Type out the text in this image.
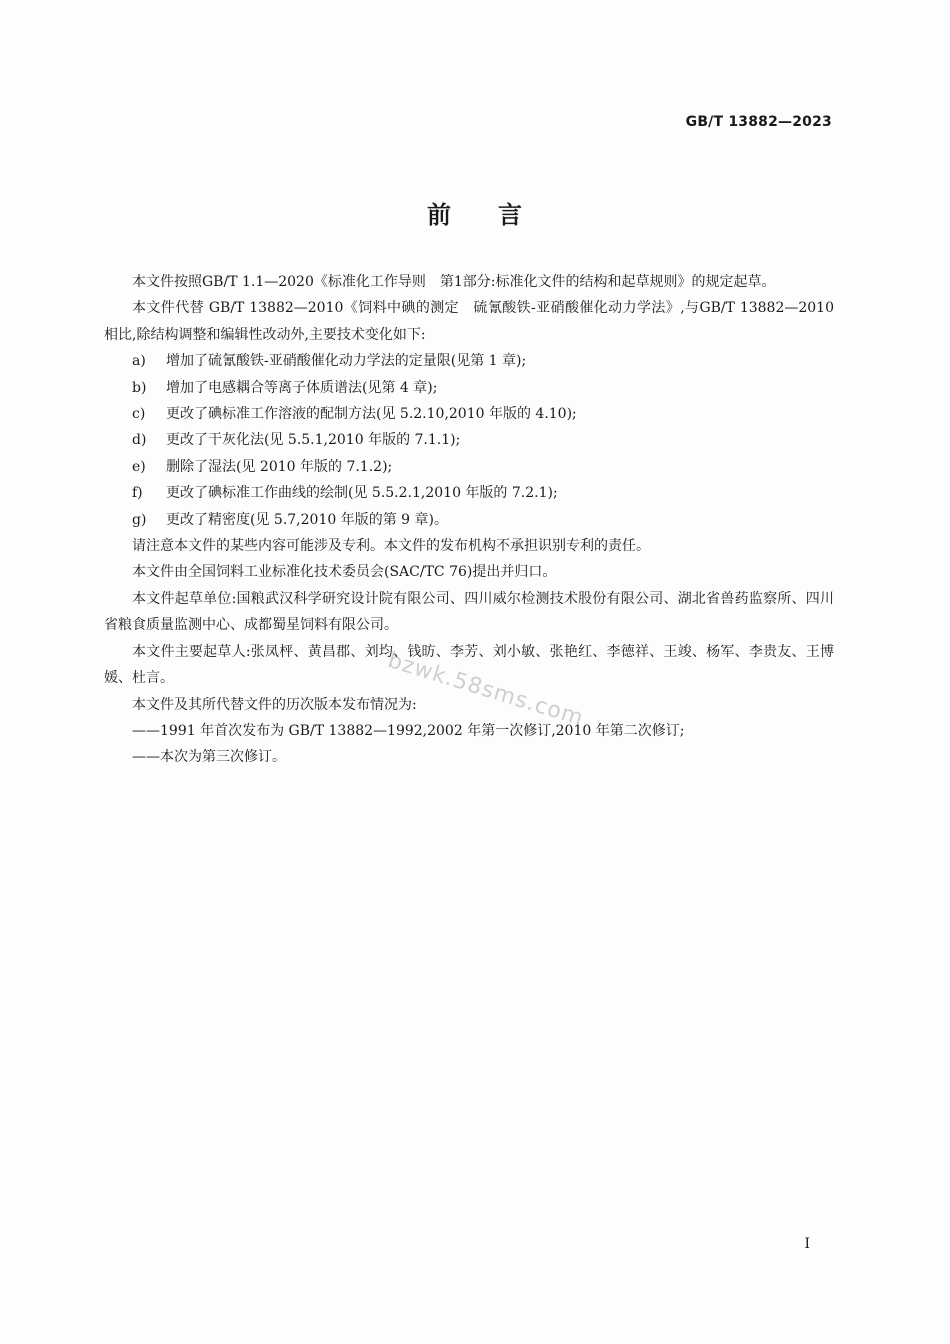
GB/T 13882—2023
前 言

本文件按照GB/T 1.1—2020《标准化工作导则　第1部分:标准化文件的结构和起草规则》的规定起草。

本文件代替 GB/T 13882—2010《饲料中碘的测定　硫氰酸铁-亚硝酸催化动力学法》,与GB/T 13882—2010 相比,除结构调整和编辑性改动外,主要技术变化如下:

a) 增加了硫氰酸铁-亚硝酸催化动力学法的定量限(见第 1 章);

b) 增加了电感耦合等离子体质谱法(见第 4 章);

c) 更改了碘标准工作溶液的配制方法(见 5.2.10,2010 年版的 4.10);

d) 更改了干灰化法(见 5.5.1,2010 年版的 7.1.1);

e) 删除了湿法(见 2010 年版的 7.1.2);

f) 更改了碘标准工作曲线的绘制(见 5.5.2.1,2010 年版的 7.2.1);

g) 更改了精密度(见 5.7,2010 年版的第 9 章)。

请注意本文件的某些内容可能涉及专利。本文件的发布机构不承担识别专利的责任。

本文件由全国饲料工业标准化技术委员会(SAC/TC 76)提出并归口。

本文件起草单位:国粮武汉科学研究设计院有限公司、四川威尔检测技术股份有限公司、湖北省兽药监察所、四川省粮食质量监测中心、成都蜀星饲料有限公司。

本文件主要起草人:张凤枰、黄昌郡、刘均、钱昉、李芳、刘小敏、张艳红、李德祥、王竣、杨军、李贵友、王博媛、杜言。

本文件及其所代替文件的历次版本发布情况为:

——1991 年首次发布为 GB/T 13882—1992,2002 年第一次修订,2010 年第二次修订;

——本次为第三次修订。

bzwk.58sms.com
I
